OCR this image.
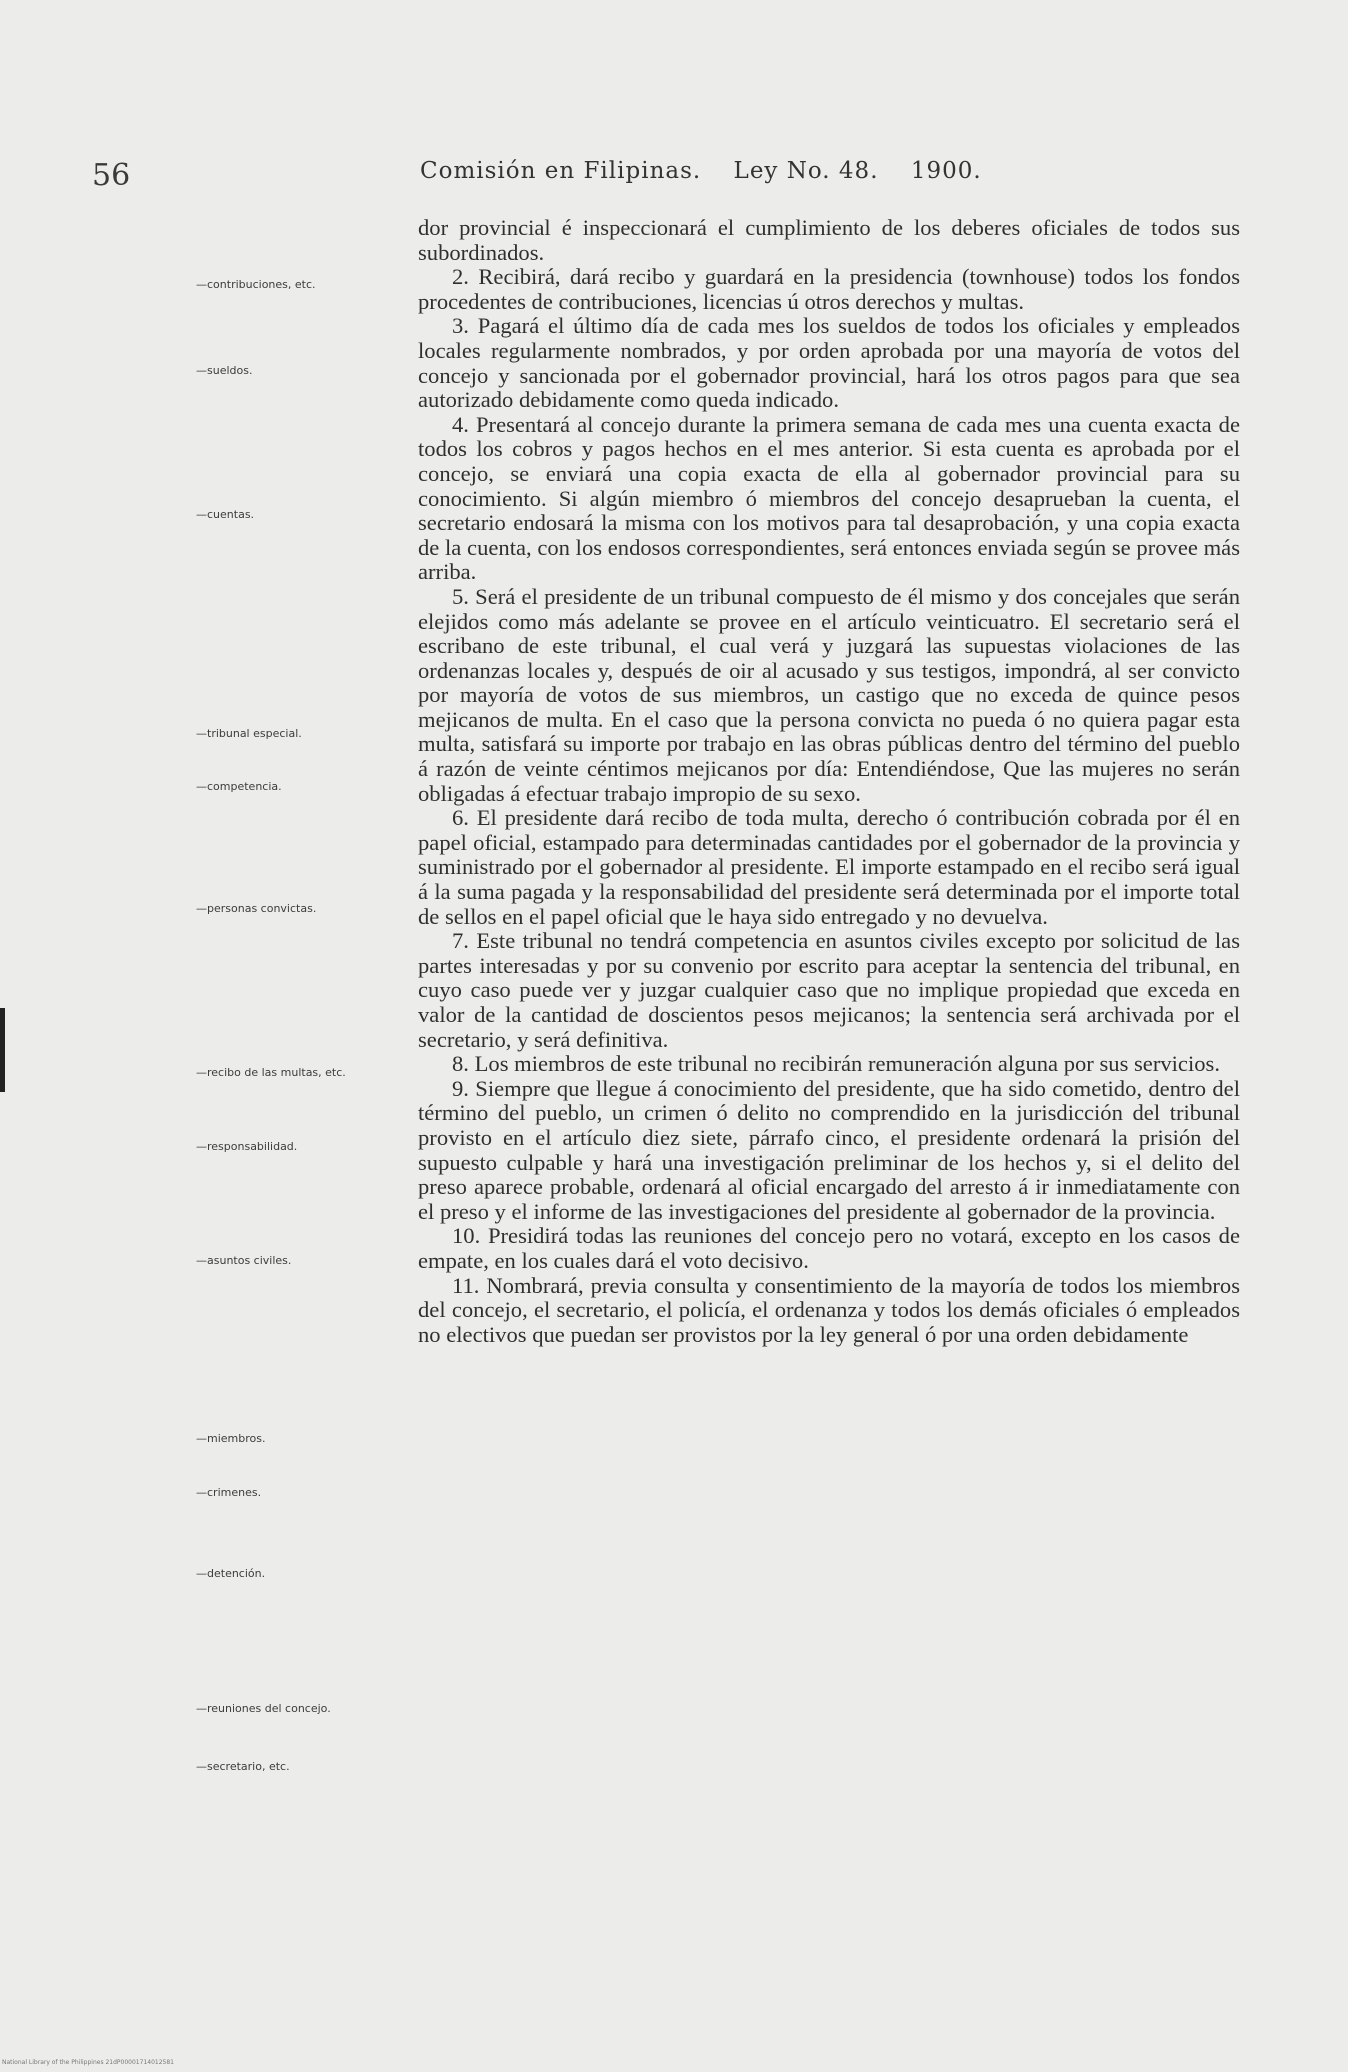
56	Comisión en Filipinas. Ley No. 48. 1900.
—contribuciones, etc.
—sueldos.
—cuentas.
—tribunal especial.
—competencia.
—personas convictas.
—recibo de las multas, etc.
—responsabilidad.
—asuntos civiles.
—miembros.
—crimenes.
—detención.
—reuniones del concejo.
—secretario, etc.

dor provincial é inspeccionará el cumplimiento de los deberes oficiales de todos sus subordinados.

2. Recibirá, dará recibo y guardará en la presidencia (townhouse) todos los fondos procedentes de contribuciones, licencias ú otros derechos y multas.

3. Pagará el último día de cada mes los sueldos de todos los oficiales y empleados locales regularmente nombrados, y por orden aprobada por una mayoría de votos del concejo y sancionada por el gobernador provincial, hará los otros pagos para que sea autorizado debidamente como queda indicado.

4. Presentará al concejo durante la primera semana de cada mes una cuenta exacta de todos los cobros y pagos hechos en el mes anterior. Si esta cuenta es aprobada por el concejo, se enviará una copia exacta de ella al gobernador provincial para su conocimiento. Si algún miembro ó miembros del concejo desaprueban la cuenta, el secretario endosará la misma con los motivos para tal desaprobación, y una copia exacta de la cuenta, con los endosos correspondientes, será entonces enviada según se provee más arriba.

5. Será el presidente de un tribunal compuesto de él mismo y dos concejales que serán elejidos como más adelante se provee en el artículo veinticuatro. El secretario será el escribano de este tribunal, el cual verá y juzgará las supuestas violaciones de las ordenanzas locales y, después de oir al acusado y sus testigos, impondrá, al ser convicto por mayoría de votos de sus miembros, un castigo que no exceda de quince pesos mejicanos de multa. En el caso que la persona convicta no pueda ó no quiera pagar esta multa, satisfará su importe por trabajo en las obras públicas dentro del término del pueblo á razón de veinte céntimos mejicanos por día: Entendiéndose, Que las mujeres no serán obligadas á efectuar trabajo impropio de su sexo.

6. El presidente dará recibo de toda multa, derecho ó contribución cobrada por él en papel oficial, estampado para determinadas cantidades por el gobernador de la provincia y suministrado por el gobernador al presidente. El importe estampado en el recibo será igual á la suma pagada y la responsabilidad del presidente será determinada por el importe total de sellos en el papel oficial que le haya sido entregado y no devuelva.

7. Este tribunal no tendrá competencia en asuntos civiles excepto por solicitud de las partes interesadas y por su convenio por escrito para aceptar la sentencia del tribunal, en cuyo caso puede ver y juzgar cualquier caso que no implique propiedad que exceda en valor de la cantidad de doscientos pesos mejicanos; la sentencia será archivada por el secretario, y será definitiva.

8. Los miembros de este tribunal no recibirán remuneración alguna por sus servicios.

9. Siempre que llegue á conocimiento del presidente, que ha sido cometido, dentro del término del pueblo, un crimen ó delito no comprendido en la jurisdicción del tribunal provisto en el artículo diez siete, párrafo cinco, el presidente ordenará la prisión del supuesto culpable y hará una investigación preliminar de los hechos y, si el delito del preso aparece probable, ordenará al oficial encargado del arresto á ir inmediatamente con el preso y el informe de las investigaciones del presidente al gobernador de la provincia.

10. Presidirá todas las reuniones del concejo pero no votará, excepto en los casos de empate, en los cuales dará el voto decisivo.

11. Nombrará, previa consulta y consentimiento de la mayoría de todos los miembros del concejo, el secretario, el policía, el ordenanza y todos los demás oficiales ó empleados no electivos que puedan ser provistos por la ley general ó por una orden debidamente

National Library of the Philippines 21dP00001714012581
